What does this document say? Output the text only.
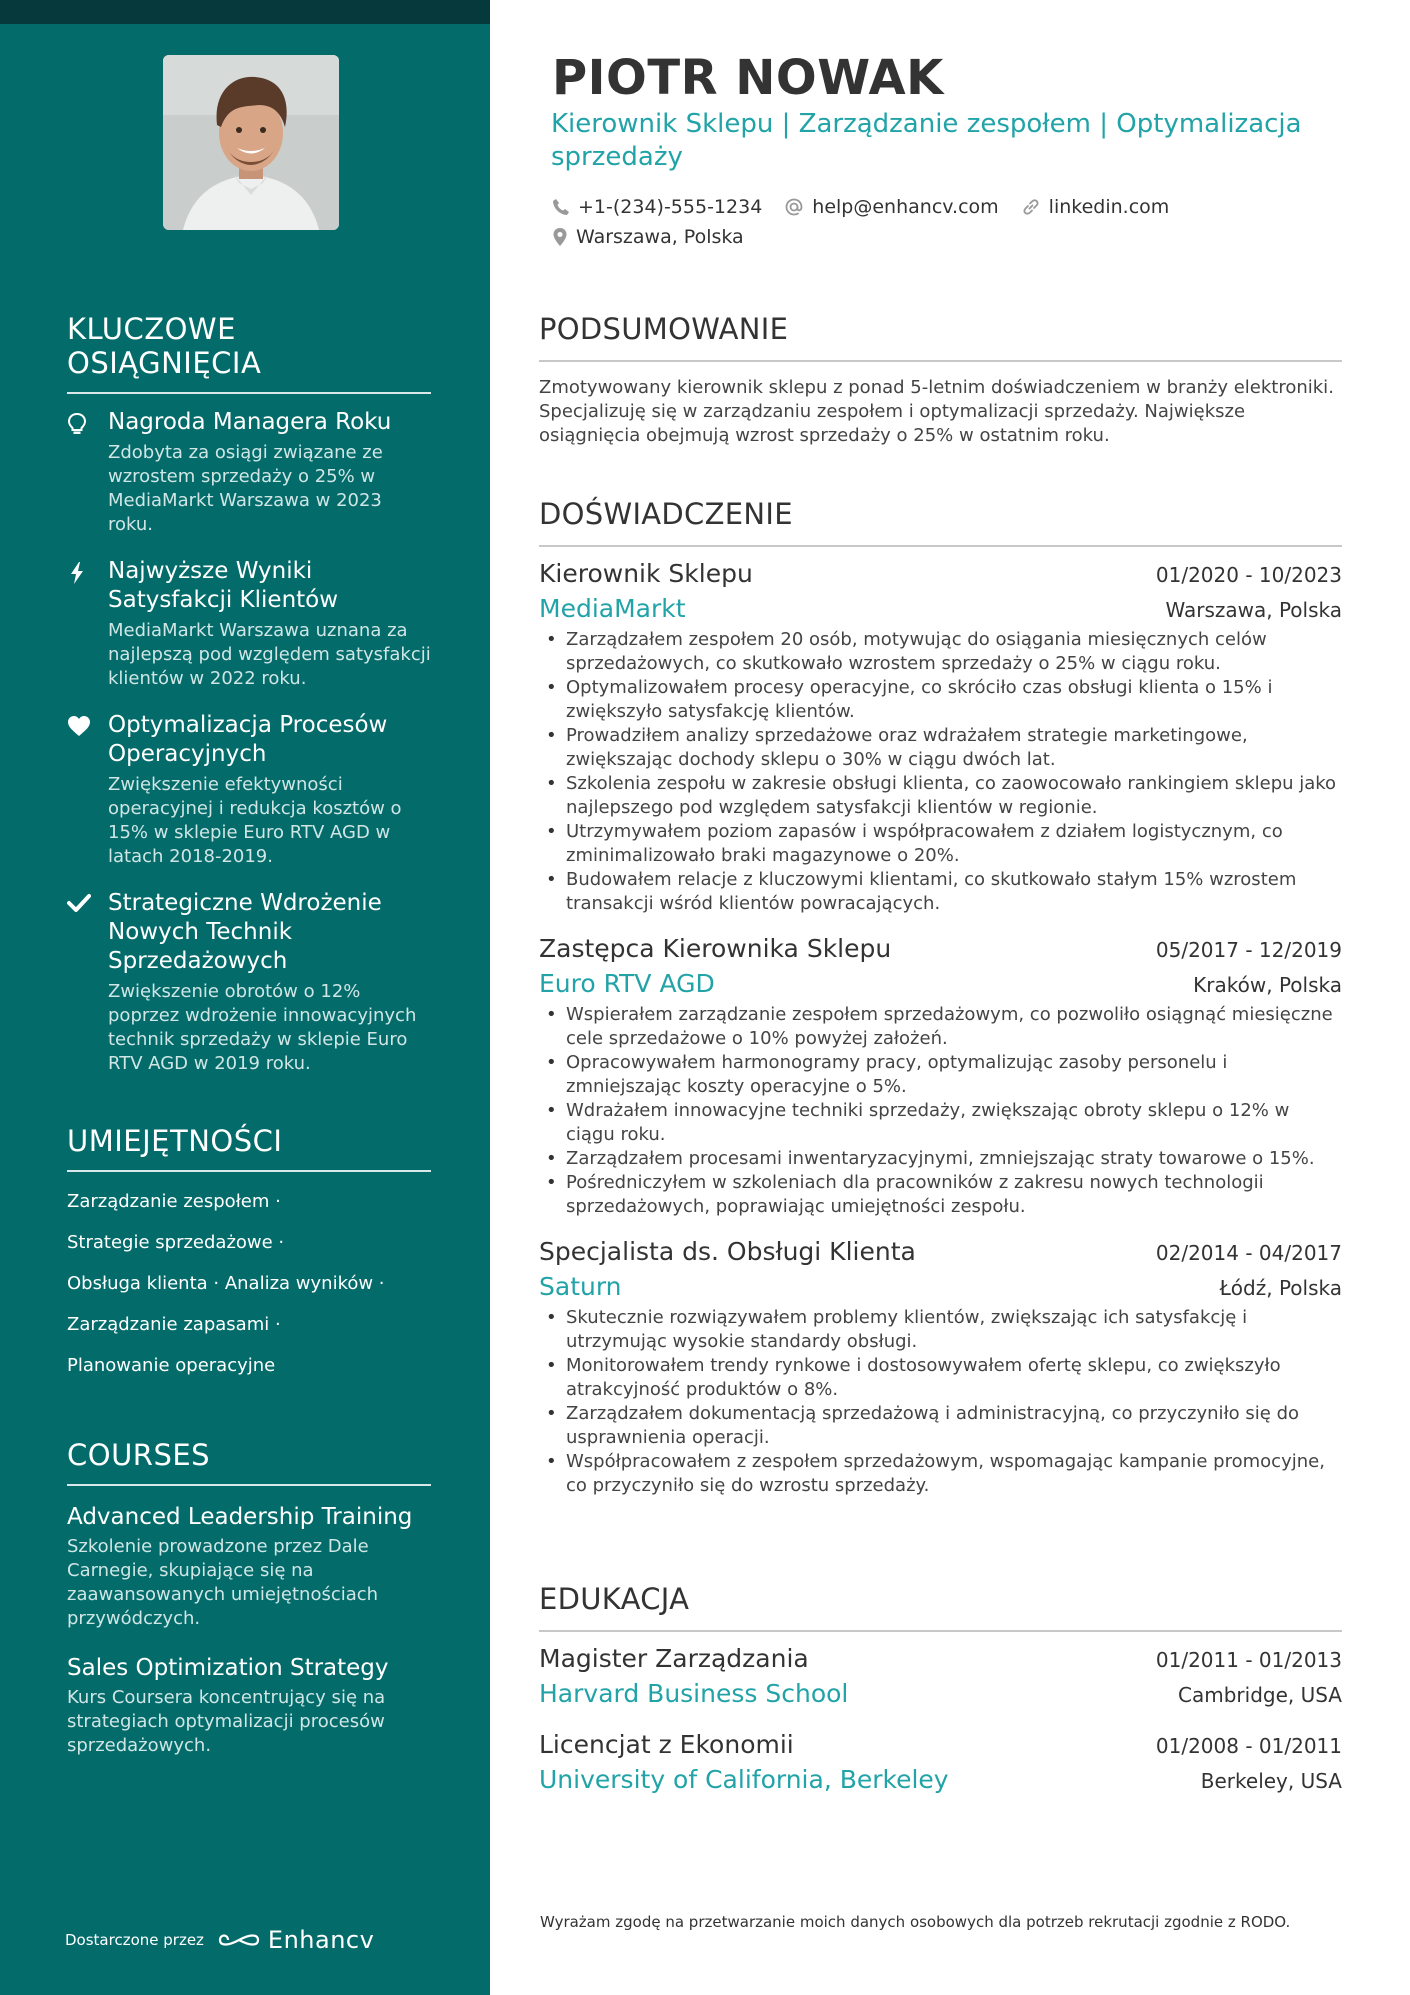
KLUCZOWE OSIĄGNIĘCIA
Nagroda Managera Roku
Zdobyta za osiągi związane ze wzrostem sprzedaży o 25% w MediaMarkt Warszawa w 2023 roku.
Najwyższe Wyniki Satysfakcji Klientów
MediaMarkt Warszawa uznana za najlepszą pod względem satysfakcji klientów w 2022 roku.
Optymalizacja Procesów Operacyjnych
Zwiększenie efektywności operacyjnej i redukcja kosztów o 15% w sklepie Euro RTV AGD w latach 2018-2019.
Strategiczne Wdrożenie Nowych Technik Sprzedażowych
Zwiększenie obrotów o 12% poprzez wdrożenie innowacyjnych technik sprzedaży w sklepie Euro RTV AGD w 2019 roku.
UMIEJĘTNOŚCI
Zarządzanie zespołem ·
Strategie sprzedażowe ·
Obsługa klienta · Analiza wyników ·
Zarządzanie zapasami ·
Planowanie operacyjne
COURSES
Advanced Leadership Training
Szkolenie prowadzone przez Dale Carnegie, skupiające się na zaawansowanych umiejętnościach przywódczych.
Sales Optimization Strategy
Kurs Coursera koncentrujący się na strategiach optymalizacji procesów sprzedażowych.
Dostarczone przez	Enhancv
PIOTR NOWAK
Kierownik Sklepu | Zarządzanie zespołem | Optymalizacja sprzedaży
+1-(234)-555-1234	help@enhancv.com	linkedin.com
Warszawa, Polska
PODSUMOWANIE

Zmotywowany kierownik sklepu z ponad 5-letnim doświadczeniem w branży elektroniki. Specjalizuję się w zarządzaniu zespołem i optymalizacji sprzedaży. Największe osiągnięcia obejmują wzrost sprzedaży o 25% w ostatnim roku.

DOŚWIADCZENIE
Kierownik Sklepu	01/2020 - 10/2023
MediaMarkt	Warszawa, Polska
• Zarządzałem zespołem 20 osób, motywując do osiągania miesięcznych celów sprzedażowych, co skutkowało wzrostem sprzedaży o 25% w ciągu roku.
• Optymalizowałem procesy operacyjne, co skróciło czas obsługi klienta o 15% i zwiększyło satysfakcję klientów.
• Prowadziłem analizy sprzedażowe oraz wdrażałem strategie marketingowe, zwiększając dochody sklepu o 30% w ciągu dwóch lat.
• Szkolenia zespołu w zakresie obsługi klienta, co zaowocowało rankingiem sklepu jako najlepszego pod względem satysfakcji klientów w regionie.
• Utrzymywałem poziom zapasów i współpracowałem z działem logistycznym, co zminimalizowało braki magazynowe o 20%.
• Budowałem relacje z kluczowymi klientami, co skutkowało stałym 15% wzrostem transakcji wśród klientów powracających.
Zastępca Kierownika Sklepu	05/2017 - 12/2019
Euro RTV AGD	Kraków, Polska
• Wspierałem zarządzanie zespołem sprzedażowym, co pozwoliło osiągnąć miesięczne cele sprzedażowe o 10% powyżej założeń.
• Opracowywałem harmonogramy pracy, optymalizując zasoby personelu i zmniejszając koszty operacyjne o 5%.
• Wdrażałem innowacyjne techniki sprzedaży, zwiększając obroty sklepu o 12% w ciągu roku.
• Zarządzałem procesami inwentaryzacyjnymi, zmniejszając straty towarowe o 15%.
• Pośredniczyłem w szkoleniach dla pracowników z zakresu nowych technologii sprzedażowych, poprawiając umiejętności zespołu.
Specjalista ds. Obsługi Klienta	02/2014 - 04/2017
Saturn	Łódź, Polska
• Skutecznie rozwiązywałem problemy klientów, zwiększając ich satysfakcję i utrzymując wysokie standardy obsługi.
• Monitorowałem trendy rynkowe i dostosowywałem ofertę sklepu, co zwiększyło atrakcyjność produktów o 8%.
• Zarządzałem dokumentacją sprzedażową i administracyjną, co przyczyniło się do usprawnienia operacji.
• Współpracowałem z zespołem sprzedażowym, wspomagając kampanie promocyjne, co przyczyniło się do wzrostu sprzedaży.
EDUKACJA
Magister Zarządzania	01/2011 - 01/2013
Harvard Business School	Cambridge, USA
Licencjat z Ekonomii	01/2008 - 01/2011
University of California, Berkeley	Berkeley, USA
Wyrażam zgodę na przetwarzanie moich danych osobowych dla potrzeb rekrutacji zgodnie z RODO.
